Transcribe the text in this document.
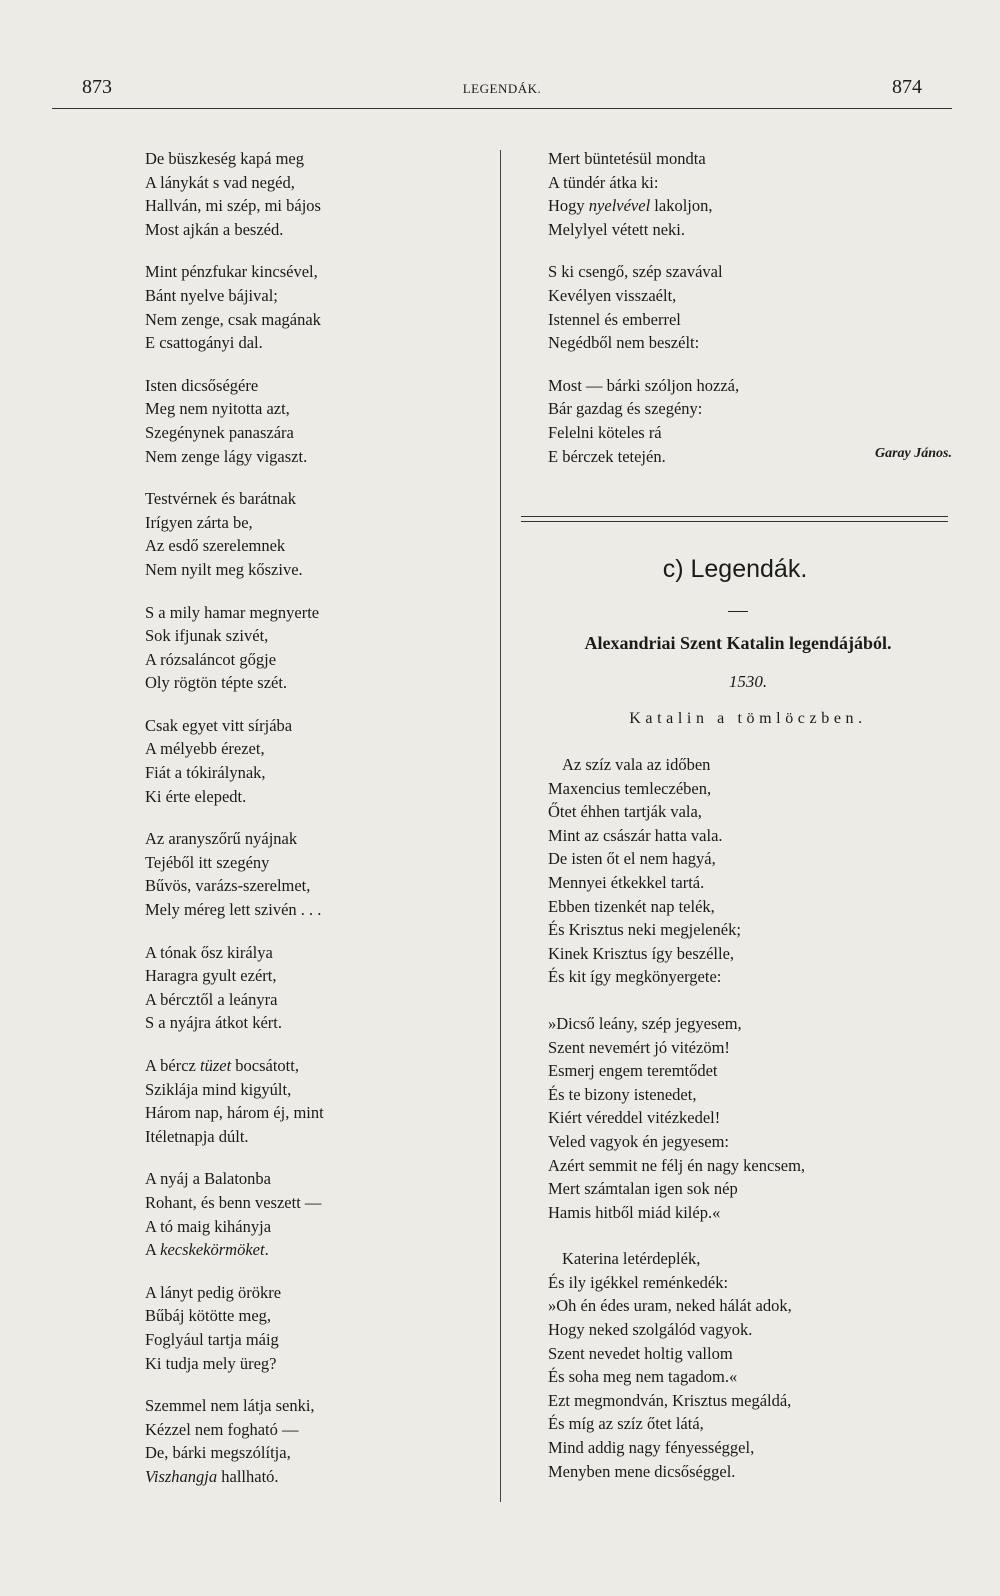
873	LEGENDÁK.	874
De büszkeség kapá meg
A lánykát s vad negéd,
Hallván, mi szép, mi bájos
Most ajkán a beszéd.
Mint pénzfukar kincsével,
Bánt nyelve bájival;
Nem zenge, csak magának
E csattogányi dal.
Isten dicsőségére
Meg nem nyitotta azt,
Szegénynek panaszára
Nem zenge lágy vigaszt.
Testvérnek és barátnak
Irígyen zárta be,
Az esdő szerelemnek
Nem nyilt meg kőszive.
S a mily hamar megnyerte
Sok ifjunak szivét,
A rózsaláncot gőgje
Oly rögtön tépte szét.
Csak egyet vitt sírjába
A mélyebb érezet,
Fiát a tókirálynak,
Ki érte elepedt.
Az aranyszőrű nyájnak
Tejéből itt szegény
Bűvös, varázs-szerelmet,
Mely méreg lett szivén . . .
A tónak ősz királya
Haragra gyult ezért,
A bércztől a leányra
S a nyájra átkot kért.
A bércz tüzet bocsátott,
Sziklája mind kigyúlt,
Három nap, három éj, mint
Itéletnapja dúlt.
A nyáj a Balatonba
Rohant, és benn veszett —
A tó maig kihányja
A kecskekörmöket.
A lányt pedig örökre
Bűbáj kötötte meg,
Foglyául tartja máig
Ki tudja mely üreg?
Szemmel nem látja senki,
Kézzel nem fogható —
De, bárki megszólítja,
Viszhangja hallható.
Mert büntetésül mondta
A tündér átka ki:
Hogy nyelvével lakoljon,
Melylyel vétett neki.
S ki csengő, szép szavával
Kevélyen visszaélt,
Istennel és emberrel
Negédből nem beszélt:
Most — bárki szóljon hozzá,
Bár gazdag és szegény:
Felelni köteles rá
E bérczek tetején.	Garay János.
c) Legendák.
Alexandriai Szent Katalin legendájából.
1530.
Katalin a tömlöczben.
Az szíz vala az időben
Maxencius temleczében,
Őtet éhhen tartják vala,
Mint az császár hatta vala.
De isten őt el nem hagyá,
Mennyei étkekkel tartá.
Ebben tizenkét nap telék,
És Krisztus neki megjelenék;
Kinek Krisztus így beszélle,
És kit így megkönyergete:
»Dicső leány, szép jegyesem,
Szent nevemért jó vitézöm!
Esmerj engem teremtődet
És te bizony istenedet,
Kiért véreddel vitézkedel!
Veled vagyok én jegyesem:
Azért semmit ne félj én nagy kencsem,
Mert számtalan igen sok nép
Hamis hitből miád kilép.«
Katerina letérdeplék,
És ily igékkel reménkedék:
»Oh én édes uram, neked hálát adok,
Hogy neked szolgálód vagyok.
Szent nevedet holtig vallom
És soha meg nem tagadom.«
Ezt megmondván, Krisztus megáldá,
És míg az szíz őtet látá,
Mind addig nagy fényességgel,
Menyben mene dicsőséggel.
